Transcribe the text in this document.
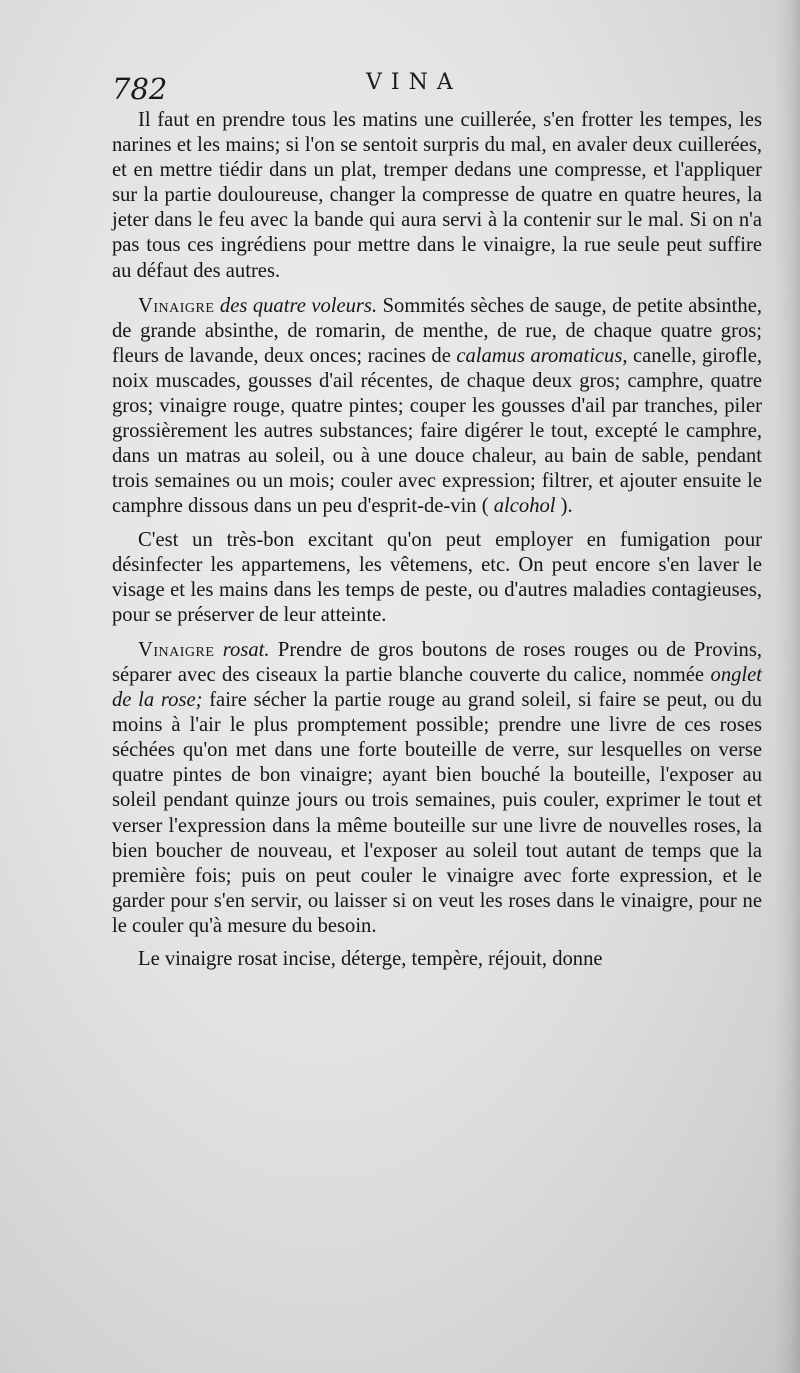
782	VINA

Il faut en prendre tous les matins une cuillerée, s'en frotter les tempes, les narines et les mains; si l'on se sentoit surpris du mal, en avaler deux cuillerées, et en mettre tiédir dans un plat, tremper dedans une compresse, et l'appliquer sur la partie douloureuse, changer la compresse de quatre en quatre heures, la jeter dans le feu avec la bande qui aura servi à la contenir sur le mal. Si on n'a pas tous ces ingrédiens pour mettre dans le vinaigre, la rue seule peut suffire au défaut des autres.

Vinaigre des quatre voleurs. Sommités sèches de sauge, de petite absinthe, de grande absinthe, de romarin, de menthe, de rue, de chaque quatre gros; fleurs de lavande, deux onces; racines de calamus aromaticus, canelle, girofle, noix muscades, gousses d'ail récentes, de chaque deux gros; camphre, quatre gros; vinaigre rouge, quatre pintes; couper les gousses d'ail par tranches, piler grossièrement les autres substances; faire digérer le tout, excepté le camphre, dans un matras au soleil, ou à une douce chaleur, au bain de sable, pendant trois semaines ou un mois; couler avec expression; filtrer, et ajouter ensuite le camphre dissous dans un peu d'esprit-de-vin ( alcohol ).

C'est un très-bon excitant qu'on peut employer en fumigation pour désinfecter les appartemens, les vêtemens, etc. On peut encore s'en laver le visage et les mains dans les temps de peste, ou d'autres maladies contagieuses, pour se préserver de leur atteinte.

Vinaigre rosat. Prendre de gros boutons de roses rouges ou de Provins, séparer avec des ciseaux la partie blanche couverte du calice, nommée onglet de la rose; faire sécher la partie rouge au grand soleil, si faire se peut, ou du moins à l'air le plus promptement possible; prendre une livre de ces roses séchées qu'on met dans une forte bouteille de verre, sur lesquelles on verse quatre pintes de bon vinaigre; ayant bien bouché la bouteille, l'exposer au soleil pendant quinze jours ou trois semaines, puis couler, exprimer le tout et verser l'expression dans la même bouteille sur une livre de nouvelles roses, la bien boucher de nouveau, et l'exposer au soleil tout autant de temps que la première fois; puis on peut couler le vinaigre avec forte expression, et le garder pour s'en servir, ou laisser si on veut les roses dans le vinaigre, pour ne le couler qu'à mesure du besoin.

Le vinaigre rosat incise, déterge, tempère, réjouit, donne
